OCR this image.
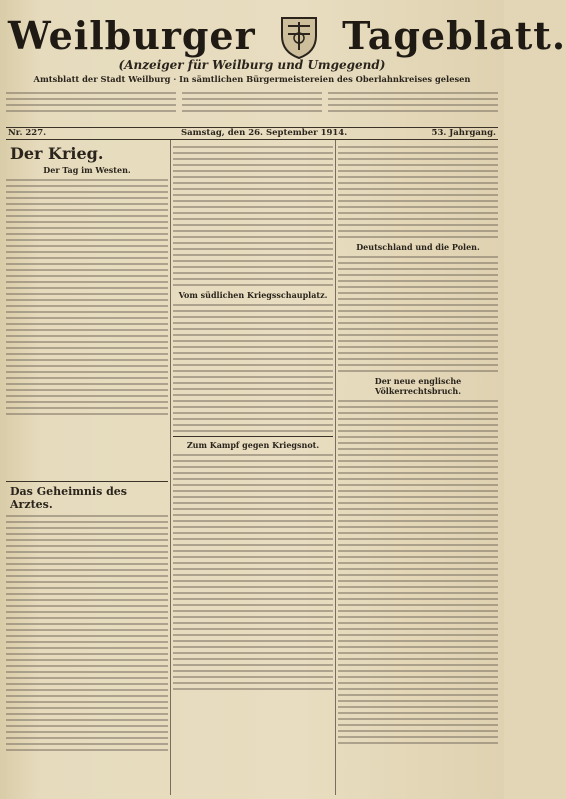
Weilburger Tageblatt.
(Anzeiger für Weilburg und Umgegend)
Amtsblatt der Stadt Weilburg · In sämtlichen Bürgermeistereien des Oberlahnkreises gelesen
Nr. 227.	Samstag, den 26. September 1914.	53. Jahrgang.
Der Krieg.
Der Tag im Westen.
Das Geheimnis des Arztes.
Vom südlichen Kriegsschauplatz.
Zum Kampf gegen Kriegsnot.
Deutschland und die Polen.
Der neue englische Völkerrechtsbruch.
